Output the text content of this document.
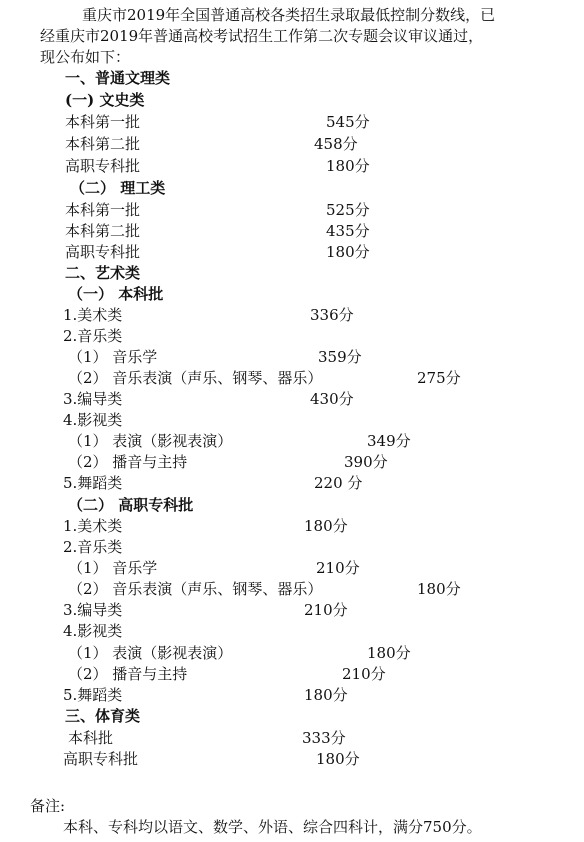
重庆市2019年全国普通高校各类招生录取最低控制分数线，已
经重庆市2019年普通高校考试招生工作第二次专题会议审议通过，
现公布如下：
一、普通文理类
(一) 文史类
本科第一批	545分
本科第二批	458分
高职专科批	180分
（二） 理工类
本科第一批	525分
本科第二批	435分
高职专科批	180分
二、艺术类
（一） 本科批
1.美术类	336分
2.音乐类
（1） 音乐学	359分
（2） 音乐表演（声乐、钢琴、器乐）	275分
3.编导类	430分
4.影视类
（1） 表演（影视表演）	349分
（2） 播音与主持	390分
5.舞蹈类	220 分
（二） 高职专科批
1.美术类	180分
2.音乐类
（1） 音乐学	210分
（2） 音乐表演（声乐、钢琴、器乐）	180分
3.编导类	210分
4.影视类
（1） 表演（影视表演）	180分
（2） 播音与主持	210分
5.舞蹈类	180分
三、体育类
本科批	333分
高职专科批	180分
备注:
本科、专科均以语文、数学、外语、综合四科计，满分750分。
